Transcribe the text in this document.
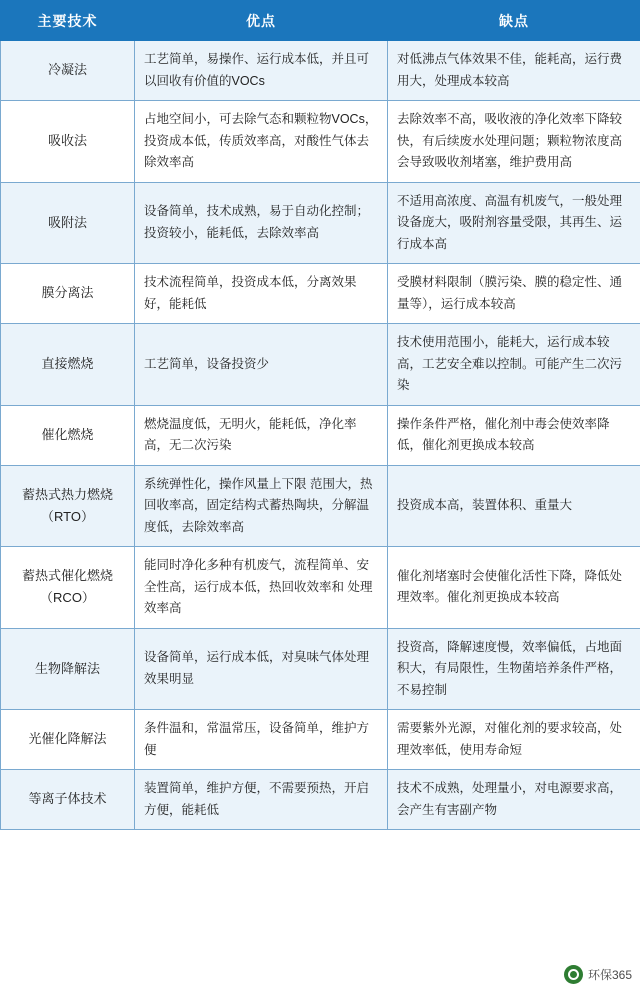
主要技术	优点	缺点
冷凝法	工艺简单，易操作、运行成本低，并且可以回收有价值的VOCs	对低沸点气体效果不佳，能耗高，运行费用大，处理成本较高
吸收法	占地空间小，可去除气态和颗粒物VOCs，投资成本低，传质效率高，对酸性气体去除效率高	去除效率不高，吸收液的净化效率下降较快，有后续废水处理问题；颗粒物浓度高会导致吸收剂堵塞，维护费用高
吸附法	设备简单，技术成熟，易于自动化控制；投资较小，能耗低，去除效率高	不适用高浓度、高温有机废气，一般处理设备庞大，吸附剂容量受限，其再生、运行成本高
膜分离法	技术流程简单，投资成本低，分离效果好，能耗低	受膜材料限制（膜污染、膜的稳定性、通量等），运行成本较高
直接燃烧	工艺简单，设备投资少	技术使用范围小，能耗大，运行成本较高，工艺安全难以控制。可能产生二次污染
催化燃烧	燃烧温度低，无明火，能耗低，净化率高，无二次污染	操作条件严格，催化剂中毒会使效率降低，催化剂更换成本较高
蓄热式热力燃烧（RTO）	系统弹性化，操作风量上下限 范围大，热回收率高，固定结构式蓄热陶块，分解温度低，去除效率高	投资成本高，装置体积、重量大
蓄热式催化燃烧（RCO）	能同时净化多种有机废气，流程简单、安全性高，运行成本低，热回收效率和 处理效率高	催化剂堵塞时会使催化活性下降，降低处理效率。催化剂更换成本较高
生物降解法	设备简单，运行成本低，对臭味气体处理效果明显	投资高，降解速度慢，效率偏低，占地面积大，有局限性，生物菌培养条件严格，不易控制
光催化降解法	条件温和，常温常压，设备简单，维护方便	需要紫外光源，对催化剂的要求较高，处理效率低，使用寿命短
等离子体技术	装置简单，维护方便，不需要预热，开启方便，能耗低	技术不成熟，处理量小，对电源要求高，会产生有害副产物
环保365
